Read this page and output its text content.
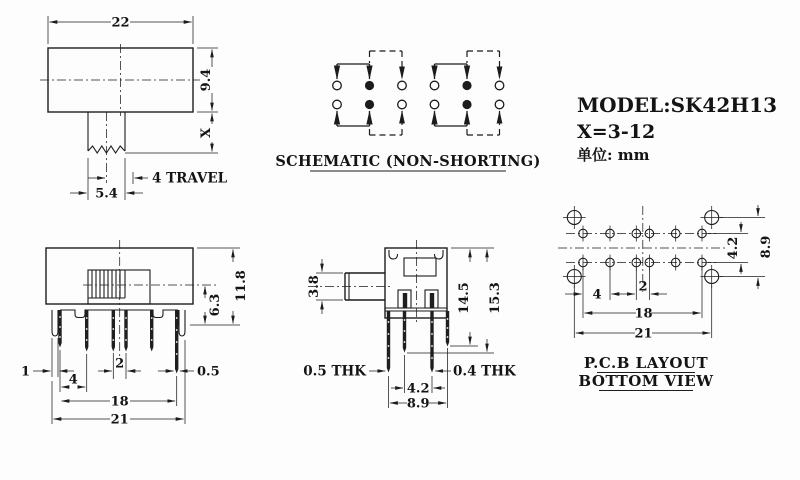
22
9.4
X
4 TRAVEL
5.4
SCHEMATIC (NON-SHORTING)
MODEL:SK42H13
X=3-12
单位: mm
6.3
11.8
1
2
0.5
4
18
21
3.8	14.5 15.3
0.5 THK	0.4 THK
4.2
8.9
4.2 8.9
4
2
18
21
P.C.B LAYOUT
BOTTOM VIEW
